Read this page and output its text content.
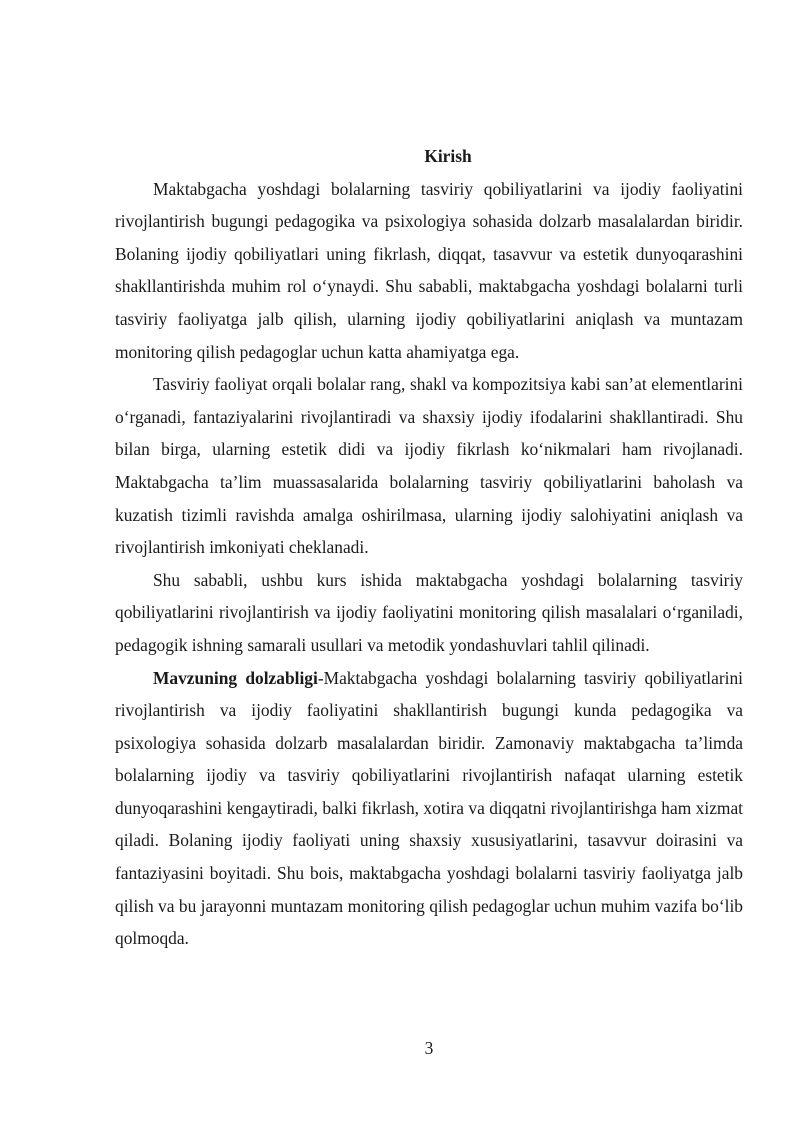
Kirish

Maktabgacha yoshdagi bolalarning tasviriy qobiliyatlarini va ijodiy faoliyatini rivojlantirish bugungi pedagogika va psixologiya sohasida dolzarb masalalardan biridir. Bolaning ijodiy qobiliyatlari uning fikrlash, diqqat, tasavvur va estetik dunyoqarashini shakllantirishda muhim rol o‘ynaydi. Shu sababli, maktabgacha yoshdagi bolalarni turli tasviriy faoliyatga jalb qilish, ularning ijodiy qobiliyatlarini aniqlash va muntazam monitoring qilish pedagoglar uchun katta ahamiyatga ega.

Tasviriy faoliyat orqali bolalar rang, shakl va kompozitsiya kabi san’at elementlarini o‘rganadi, fantaziyalarini rivojlantiradi va shaxsiy ijodiy ifodalarini shakllantiradi. Shu bilan birga, ularning estetik didi va ijodiy fikrlash ko‘nikmalari ham rivojlanadi. Maktabgacha ta’lim muassasalarida bolalarning tasviriy qobiliyatlarini baholash va kuzatish tizimli ravishda amalga oshirilmasa, ularning ijodiy salohiyatini aniqlash va rivojlantirish imkoniyati cheklanadi.

Shu sababli, ushbu kurs ishida maktabgacha yoshdagi bolalarning tasviriy qobiliyatlarini rivojlantirish va ijodiy faoliyatini monitoring qilish masalalari o‘rganiladi, pedagogik ishning samarali usullari va metodik yondashuvlari tahlil qilinadi.

Mavzuning dolzabligi-Maktabgacha yoshdagi bolalarning tasviriy qobiliyatlarini rivojlantirish va ijodiy faoliyatini shakllantirish bugungi kunda pedagogika va psixologiya sohasida dolzarb masalalardan biridir. Zamonaviy maktabgacha ta’limda bolalarning ijodiy va tasviriy qobiliyatlarini rivojlantirish nafaqat ularning estetik dunyoqarashini kengaytiradi, balki fikrlash, xotira va diqqatni rivojlantirishga ham xizmat qiladi. Bolaning ijodiy faoliyati uning shaxsiy xususiyatlarini, tasavvur doirasini va fantaziyasini boyitadi. Shu bois, maktabgacha yoshdagi bolalarni tasviriy faoliyatga jalb qilish va bu jarayonni muntazam monitoring qilish pedagoglar uchun muhim vazifa bo‘lib qolmoqda.

3
